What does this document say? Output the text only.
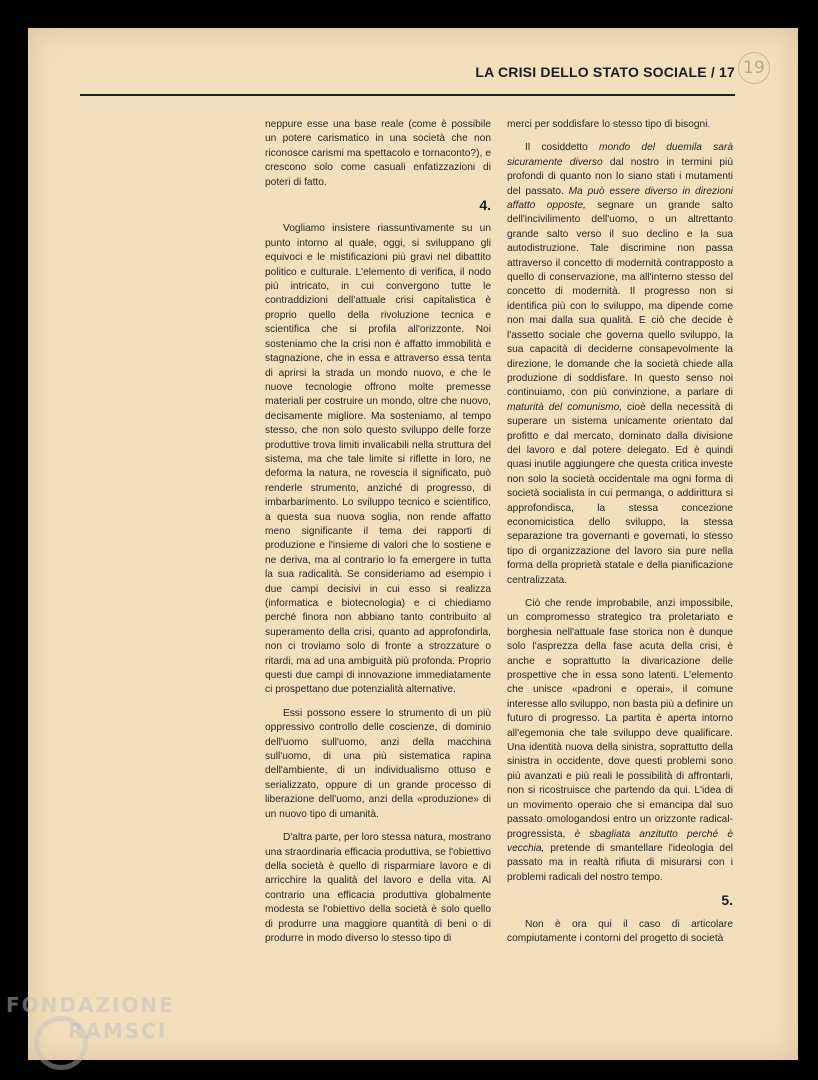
LA CRISI DELLO STATO SOCIALE / 17 19

neppure esse una base reale (come è possibile un potere carismatico in una società che non riconosce carismi ma spettacolo e tornaconto?), e crescono solo come casuali enfatizzazioni di poteri di fatto.

4.

Vogliamo insistere riassuntivamente su un punto intorno al quale, oggi, si sviluppano gli equivoci e le mistificazioni più gravi nel dibattito politico e culturale. L'elemento di verifica, il nodo più intricato, in cui convergono tutte le contraddizioni dell'attuale crisi capitalistica è proprio quello della rivoluzione tecnica e scientifica che si profila all'orizzonte. Noi sosteniamo che la crisi non è affatto immobilità e stagnazione, che in essa e attraverso essa tenta di aprirsi la strada un mondo nuovo, e che le nuove tecnologie offrono molte premesse materiali per costruire un mondo, oltre che nuovo, decisamente migliore. Ma sosteniamo, al tempo stesso, che non solo questo sviluppo delle forze produttive trova limiti invalicabili nella struttura del sistema, ma che tale limite si riflette in loro, ne deforma la natura, ne rovescia il significato, può renderle strumento, anziché di progresso, di imbarbarimento. Lo sviluppo tecnico e scientifico, a questa sua nuova soglia, non rende affatto meno significante il tema dei rapporti di produzione e l'insieme di valori che lo sostiene e ne deriva, ma al contrario lo fa emergere in tutta la sua radicalità. Se consideriamo ad esempio i due campi decisivi in cui esso si realizza (informatica e biotecnologia) e ci chiediamo perché finora non abbiano tanto contribuito al superamento della crisi, quanto ad approfondirla, non ci troviamo solo di fronte a strozzature o ritardi, ma ad una ambiguità più profonda. Proprio questi due campi di innovazione immediatamente ci prospettano due potenzialità alternative.

Essi possono essere lo strumento di un più oppressivo controllo delle coscienze, di dominio dell'uomo sull'uomo, anzi della macchina sull'uomo, di una più sistematica rapina dell'ambiente, di un individualismo ottuso e serializzato, oppure di un grande processo di liberazione dell'uomo, anzi della «produzione» di un nuovo tipo di umanità.

D'altra parte, per loro stessa natura, mostrano una straordinaria efficacia produttiva, se l'obiettivo della società è quello di risparmiare lavoro e di arricchire la qualità del lavoro e della vita. Al contrario una efficacia produttiva globalmente modesta se l'obiettivo della società è solo quello di produrre una maggiore quantità di beni o di produrre in modo diverso lo stesso tipo di

merci per soddisfare lo stesso tipo di bisogni.

Il cosiddetto mondo del duemila sarà sicuramente diverso dal nostro in termini più profondi di quanto non lo siano stati i mutamenti del passato. Ma può essere diverso in direzioni affatto opposte, segnare un grande salto dell'incivilimento dell'uomo, o un altrettanto grande salto verso il suo declino e la sua autodistruzione. Tale discrimine non passa attraverso il concetto di modernità contrapposto a quello di conservazione, ma all'interno stesso del concetto di modernità. Il progresso non si identifica più con lo sviluppo, ma dipende come non mai dalla sua qualità. E ciò che decide è l'assetto sociale che governa quello sviluppo, la sua capacità di deciderne consapevolmente la direzione, le domande che la società chiede alla produzione di soddisfare. In questo senso noi continuiamo, con più convinzione, a parlare di maturità del comunismo, cioè della necessità di superare un sistema unicamente orientato dal profitto e dal mercato, dominato dalla divisione del lavoro e dal potere delegato. Ed è quindi quasi inutile aggiungere che questa critica investe non solo la società occidentale ma ogni forma di società socialista in cui permanga, o addirittura si approfondisca, la stessa concezione economicistica dello sviluppo, la stessa separazione tra governanti e governati, lo stesso tipo di organizzazione del lavoro sia pure nella forma della proprietà statale e della pianificazione centralizzata.

Ciò che rende improbabile, anzi impossibile, un compromesso strategico tra proletariato e borghesia nell'attuale fase storica non è dunque solo l'asprezza della fase acuta della crisi, è anche e soprattutto la divaricazione delle prospettive che in essa sono latenti. L'elemento che unisce «padroni e operai», il comune interesse allo sviluppo, non basta più a definire un futuro di progresso. La partita è aperta intorno all'egemonia che tale sviluppo deve qualificare. Una identità nuova della sinistra, soprattutto della sinistra in occidente, dove questi problemi sono più avanzati e più reali le possibilità di affrontarli, non si ricostruisce che partendo da qui. L'idea di un movimento operaio che si emancipa dal suo passato omologandosi entro un orizzonte radical-progressista, è sbagliata anzitutto perché è vecchia, pretende di smantellare l'ideologia del passato ma in realtà rifiuta di misurarsi con i problemi radicali del nostro tempo.

5.

Non è ora qui il caso di articolare compiutamente i contorni del progetto di società

FONDAZIONE
RAMSCI
